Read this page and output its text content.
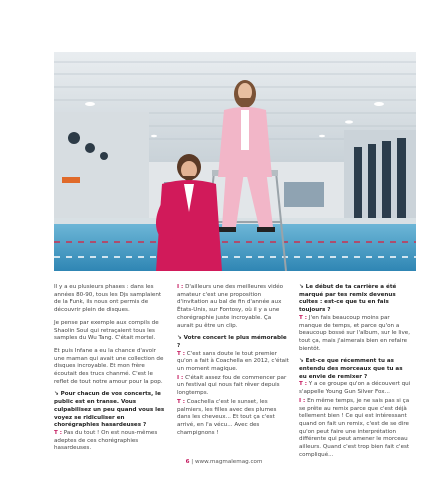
Il y a eu plusieurs phases : dans les années 80-90, tous les Djs samplaient de la Funk, ils nous ont permis de découvrir plein de disques.

Je pense par exemple aux compils de Shaolin Soul qui retraçaient tous les samples du Wu Tang. C'était mortel.

Et puis Infane a eu la chance d'avoir une maman qui avait une collection de disques incroyable. Et mon frère écoutait des trucs chanmé. C'est le reflet de tout notre amour pour la pop.

↘ Pour chacun de vos concerts, le public est en transe. Vous culpabilisez un peu quand vous les voyez se ridiculiser en chorégraphies hasardeuses ?

T : Pas du tout ! On est nous-mêmes adeptes de ces chorégraphies hasardeuses.

I : D'ailleurs une des meilleures vidéo amateur c'est une proposition d'invitation au bal de fin d'année aux États-Unis, sur Fontosy, où il y a une chorégraphie juste incroyable. Ça aurait pu être un clip.

↘ Votre concert le plus mémorable ?

T : C'est sans doute le tout premier qu'on a fait à Coachella en 2012, c'était un moment magique.

I : C'était assez fou de commencer par un festival qui nous fait rêver depuis longtemps.

T : Coachella c'est le sunset, les palmiers, les filles avec des plumes dans les cheveux... Et tout ça c'est arrivé, en l'a vécu... Avec des champignons !

↘ Le début de ta carrière a été marqué par tes remix devenus cultes : est-ce que tu en fais toujours ?

T : J'en fais beaucoup moins par manque de temps, et parce qu'on a beaucoup bossé sur l'album, sur le live, tout ça, mais j'aimerais bien en refaire bientôt.

↘ Est-ce que récemment tu as entendu des morceaux que tu as eu envie de remixer ?

T : Y a ce groupe qu'on a découvert qui s'appelle Young Gun Silver Fox...

I : En même temps, je ne sais pas si ça se prête au remix parce que c'est déjà tellement bien ! Ce qui est intéressant quand on fait un remix, c'est de se dire qu'on peut faire une interprétation différente qui peut amener le morceau ailleurs. Quand c'est trop bien fait c'est compliqué...

6 | www.magmalemag.com
